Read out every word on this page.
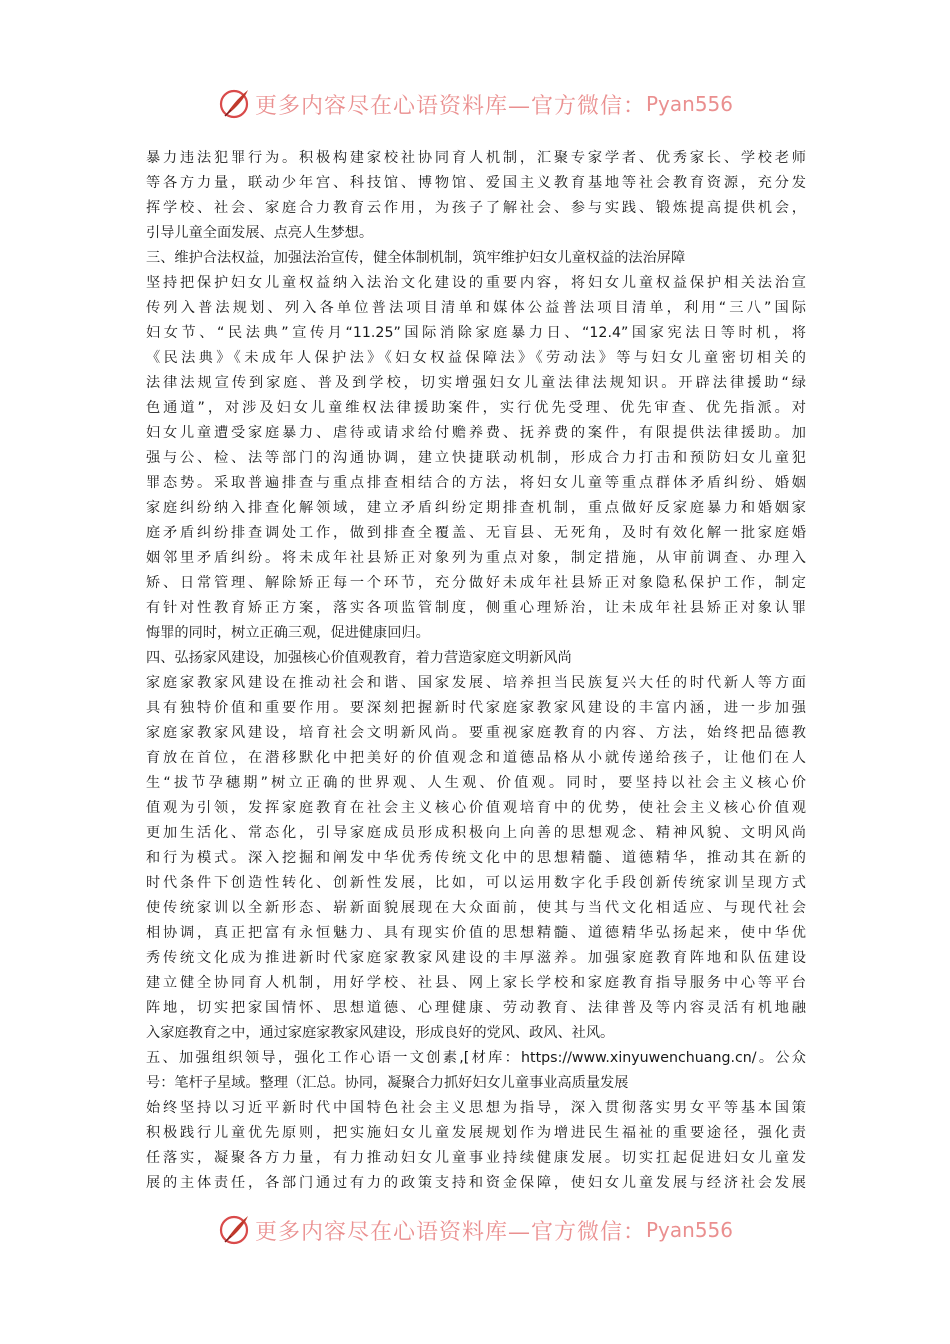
更多内容尽在心语资料库—官方微信： Pyan556
暴力违法犯罪行为。积极构建家校社协同育人机制，汇聚专家学者、优秀家长、学校老师
等各方力量，联动少年宫、科技馆、博物馆、爱国主义教育基地等社会教育资源，充分发
挥学校、社会、家庭合力教育云作用，为孩子了解社会、参与实践、锻炼提高提供机会，
引导儿童全面发展、点亮人生梦想。
三、维护合法权益，加强法治宣传，健全体制机制，筑牢维护妇女儿童权益的法治屏障
坚持把保护妇女儿童权益纳入法治文化建设的重要内容，将妇女儿童权益保护相关法治宣
传列入普法规划、列入各单位普法项目清单和媒体公益普法项目清单，利用“三八”国际
妇女节、“民法典”宣传月“11.25”国际消除家庭暴力日、“12.4”国家宪法日等时机，将
《民法典》《未成年人保护法》《妇女权益保障法》《劳动法》等与妇女儿童密切相关的
法律法规宣传到家庭、普及到学校，切实增强妇女儿童法律法规知识。开辟法律援助“绿
色通道”，对涉及妇女儿童维权法律援助案件，实行优先受理、优先审查、优先指派。对
妇女儿童遭受家庭暴力、虐待或请求给付赡养费、抚养费的案件，有限提供法律援助。加
强与公、检、法等部门的沟通协调，建立快捷联动机制，形成合力打击和预防妇女儿童犯
罪态势。采取普遍排查与重点排查相结合的方法，将妇女儿童等重点群体矛盾纠纷、婚姻
家庭纠纷纳入排查化解领域，建立矛盾纠纷定期排查机制，重点做好反家庭暴力和婚姻家
庭矛盾纠纷排查调处工作，做到排查全覆盖、无盲县、无死角，及时有效化解一批家庭婚
姻邻里矛盾纠纷。将未成年社县矫正对象列为重点对象，制定措施，从审前调查、办理入
矫、日常管理、解除矫正每一个环节，充分做好未成年社县矫正对象隐私保护工作，制定
有针对性教育矫正方案，落实各项监管制度，侧重心理矫治，让未成年社县矫正对象认罪
悔罪的同时，树立正确三观，促进健康回归。
四、弘扬家风建设，加强核心价值观教育，着力营造家庭文明新风尚
家庭家教家风建设在推动社会和谐、国家发展、培养担当民族复兴大任的时代新人等方面
具有独特价值和重要作用。要深刻把握新时代家庭家教家风建设的丰富内涵，进一步加强
家庭家教家风建设，培育社会文明新风尚。要重视家庭教育的内容、方法，始终把品德教
育放在首位，在潜移默化中把美好的价值观念和道德品格从小就传递给孩子，让他们在人
生“拔节孕穗期”树立正确的世界观、人生观、价值观。同时，要坚持以社会主义核心价
值观为引领，发挥家庭教育在社会主义核心价值观培育中的优势，使社会主义核心价值观
更加生活化、常态化，引导家庭成员形成积极向上向善的思想观念、精神风貌、文明风尚
和行为模式。深入挖掘和阐发中华优秀传统文化中的思想精髓、道德精华，推动其在新的
时代条件下创造性转化、创新性发展，比如，可以运用数字化手段创新传统家训呈现方式
使传统家训以全新形态、崭新面貌展现在大众面前，使其与当代文化相适应、与现代社会
相协调，真正把富有永恒魅力、具有现实价值的思想精髓、道德精华弘扬起来，使中华优
秀传统文化成为推进新时代家庭家教家风建设的丰厚滋养。加强家庭教育阵地和队伍建设
建立健全协同育人机制，用好学校、社县、网上家长学校和家庭教育指导服务中心等平台
阵地，切实把家国情怀、思想道德、心理健康、劳动教育、法律普及等内容灵活有机地融
入家庭教育之中，通过家庭家教家风建设，形成良好的党风、政风、社风。
五、加强组织领导，强化工作心语一文创素,[材库：https://www.xinyuwenchuang.cn/。公众
号：笔杆子星域。整理（汇总。协同，凝聚合力抓好妇女儿童事业高质量发展
始终坚持以习近平新时代中国特色社会主义思想为指导，深入贯彻落实男女平等基本国策
积极践行儿童优先原则，把实施妇女儿童发展规划作为增进民生福祉的重要途径，强化责
任落实，凝聚各方力量，有力推动妇女儿童事业持续健康发展。切实扛起促进妇女儿童发
展的主体责任，各部门通过有力的政策支持和资金保障，使妇女儿童发展与经济社会发展
更多内容尽在心语资料库—官方微信： Pyan556
